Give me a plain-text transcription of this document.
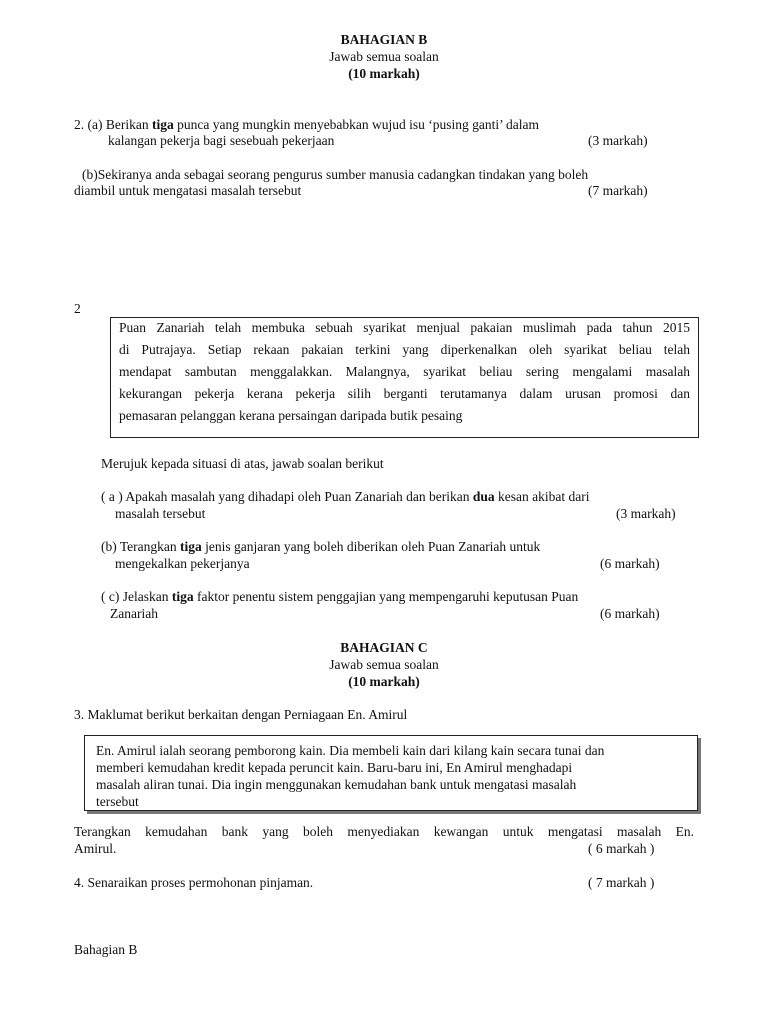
BAHAGIAN B
Jawab semua soalan
(10 markah)
2. (a) Berikan tiga punca yang mungkin menyebabkan wujud isu ‘pusing ganti’ dalam
kalangan pekerja bagi sesebuah pekerjaan	(3 markah)
(b)Sekiranya anda sebagai seorang pengurus sumber manusia cadangkan tindakan yang boleh
diambil untuk mengatasi masalah tersebut	(7 markah)
2
Puan Zanariah telah membuka sebuah syarikat menjual pakaian muslimah pada tahun 2015
di Putrajaya. Setiap rekaan pakaian terkini yang diperkenalkan oleh syarikat beliau telah
mendapat sambutan menggalakkan. Malangnya, syarikat beliau sering mengalami masalah
kekurangan pekerja kerana pekerja silih berganti terutamanya dalam urusan promosi dan
pemasaran pelanggan kerana persaingan daripada butik pesaing
Merujuk kepada situasi di atas, jawab soalan berikut
( a ) Apakah masalah yang dihadapi oleh Puan Zanariah dan berikan dua kesan akibat dari
masalah tersebut	(3 markah)
(b) Terangkan tiga jenis ganjaran yang boleh diberikan oleh Puan Zanariah untuk
mengekalkan pekerjanya	(6 markah)
( c) Jelaskan tiga faktor penentu sistem penggajian yang mempengaruhi keputusan Puan
Zanariah	(6 markah)
BAHAGIAN C
Jawab semua soalan
(10 markah)
3. Maklumat berikut berkaitan dengan Perniagaan En. Amirul
En. Amirul ialah seorang pemborong kain. Dia membeli kain dari kilang kain secara tunai dan
memberi kemudahan kredit kepada peruncit kain. Baru-baru ini, En Amirul menghadapi
masalah aliran tunai. Dia ingin menggunakan kemudahan bank untuk mengatasi masalah
tersebut
Terangkan kemudahan bank yang boleh menyediakan kewangan untuk mengatasi masalah En.
Amirul.	( 6 markah )
4. Senaraikan proses permohonan pinjaman.	( 7 markah )
Bahagian B
